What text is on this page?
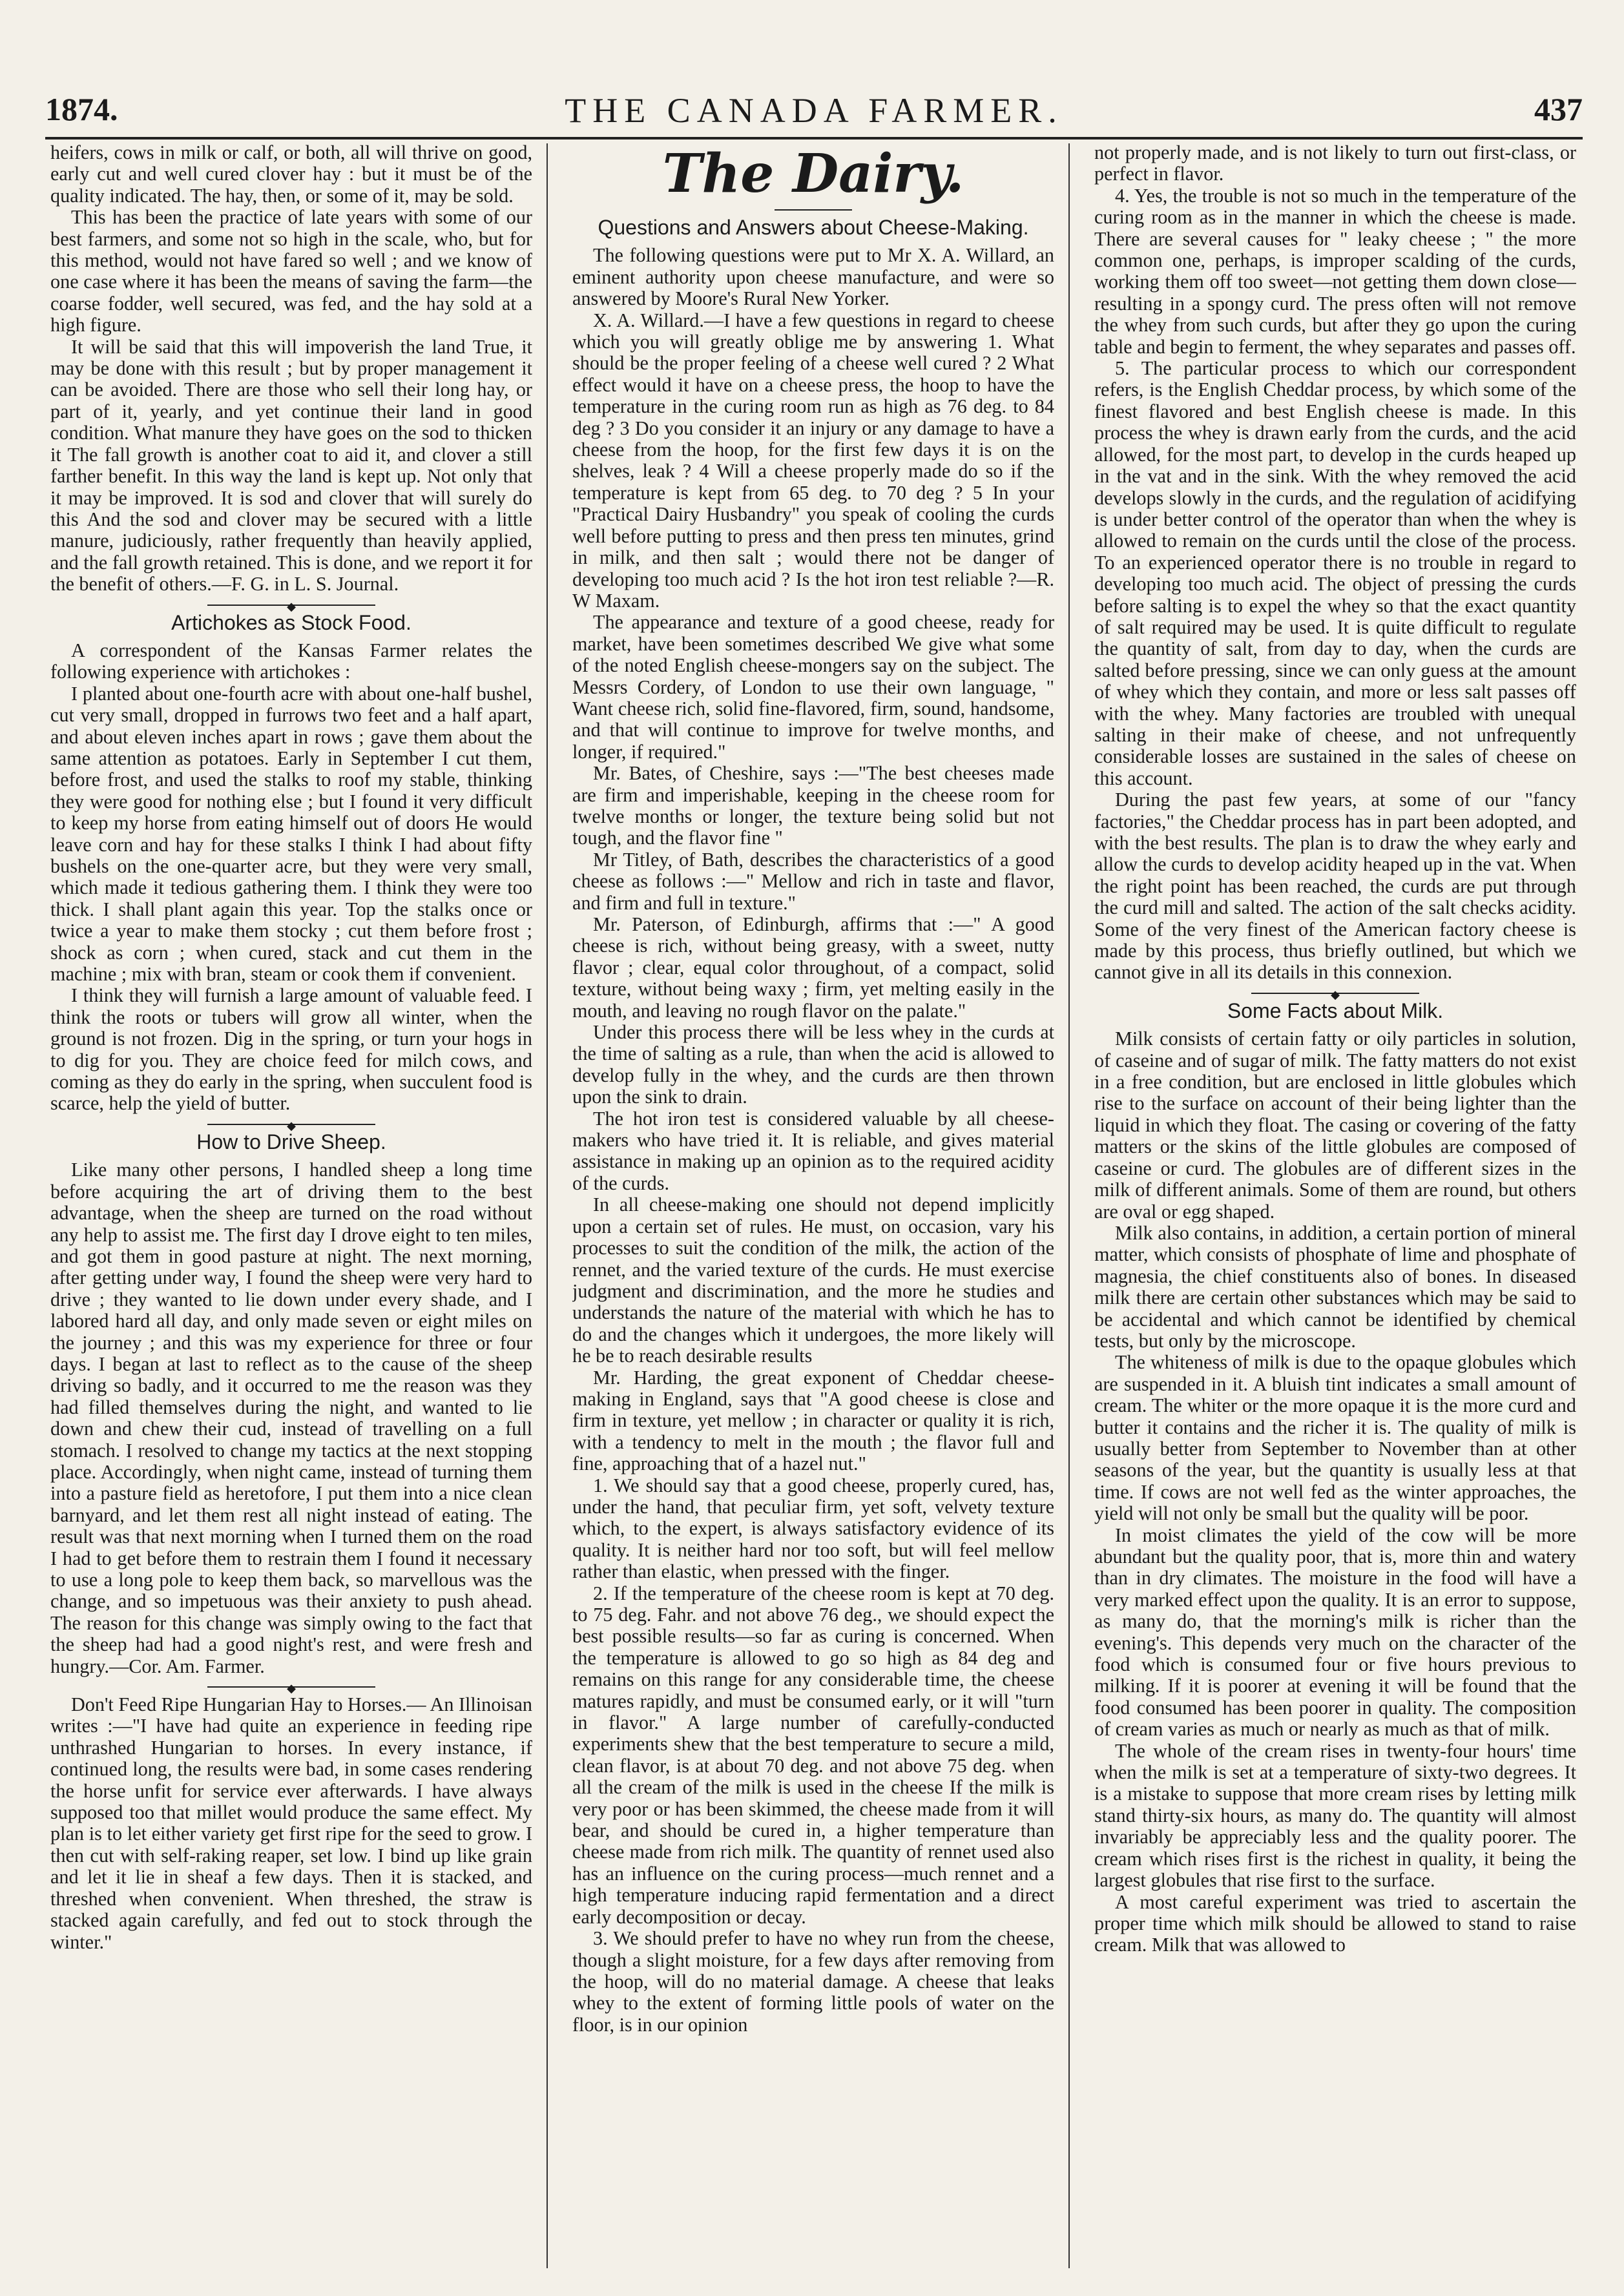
1874.	THE CANADA FARMER.	437

heifers, cows in milk or calf, or both, all will thrive on good, early cut and well cured clover hay : but it must be of the quality indicated. The hay, then, or some of it, may be sold.

This has been the practice of late years with some of our best farmers, and some not so high in the scale, who, but for this method, would not have fared so well ; and we know of one case where it has been the means of saving the farm—the coarse fodder, well secured, was fed, and the hay sold at a high figure.

It will be said that this will impoverish the land True, it may be done with this result ; but by proper management it can be avoided. There are those who sell their long hay, or part of it, yearly, and yet continue their land in good condition. What manure they have goes on the sod to thicken it The fall growth is another coat to aid it, and clover a still farther benefit. In this way the land is kept up. Not only that it may be improved. It is sod and clover that will surely do this And the sod and clover may be secured with a little manure, judiciously, rather frequently than heavily applied, and the fall growth retained. This is done, and we report it for the benefit of others.—F. G. in L. S. Journal.

◆
Artichokes as Stock Food.

A correspondent of the Kansas Farmer relates the following experience with artichokes :

I planted about one-fourth acre with about one-half bushel, cut very small, dropped in furrows two feet and a half apart, and about eleven inches apart in rows ; gave them about the same attention as potatoes. Early in September I cut them, before frost, and used the stalks to roof my stable, thinking they were good for nothing else ; but I found it very difficult to keep my horse from eating himself out of doors He would leave corn and hay for these stalks I think I had about fifty bushels on the one-quarter acre, but they were very small, which made it tedious gathering them. I think they were too thick. I shall plant again this year. Top the stalks once or twice a year to make them stocky ; cut them before frost ; shock as corn ; when cured, stack and cut them in the machine ; mix with bran, steam or cook them if convenient.

I think they will furnish a large amount of valuable feed. I think the roots or tubers will grow all winter, when the ground is not frozen. Dig in the spring, or turn your hogs in to dig for you. They are choice feed for milch cows, and coming as they do early in the spring, when succulent food is scarce, help the yield of butter.

◆
How to Drive Sheep.

Like many other persons, I handled sheep a long time before acquiring the art of driving them to the best advantage, when the sheep are turned on the road without any help to assist me. The first day I drove eight to ten miles, and got them in good pasture at night. The next morning, after getting under way, I found the sheep were very hard to drive ; they wanted to lie down under every shade, and I labored hard all day, and only made seven or eight miles on the journey ; and this was my experience for three or four days. I began at last to reflect as to the cause of the sheep driving so badly, and it occurred to me the reason was they had filled themselves during the night, and wanted to lie down and chew their cud, instead of travelling on a full stomach. I resolved to change my tactics at the next stopping place. Accordingly, when night came, instead of turning them into a pasture field as heretofore, I put them into a nice clean barnyard, and let them rest all night instead of eating. The result was that next morning when I turned them on the road I had to get before them to restrain them I found it necessary to use a long pole to keep them back, so marvellous was the change, and so impetuous was their anxiety to push ahead. The reason for this change was simply owing to the fact that the sheep had had a good night's rest, and were fresh and hungry.—Cor. Am. Farmer.

◆

Don't Feed Ripe Hungarian Hay to Horses.— An Illinoisan writes :—"I have had quite an experience in feeding ripe unthrashed Hungarian to horses. In every instance, if continued long, the results were bad, in some cases rendering the horse unfit for service ever afterwards. I have always supposed too that millet would produce the same effect. My plan is to let either variety get first ripe for the seed to grow. I then cut with self-raking reaper, set low. I bind up like grain and let it lie in sheaf a few days. Then it is stacked, and threshed when convenient. When threshed, the straw is stacked again carefully, and fed out to stock through the winter."

The Dairy.
Questions and Answers about Cheese-Making.

The following questions were put to Mr X. A. Willard, an eminent authority upon cheese manufacture, and were so answered by Moore's Rural New Yorker.

X. A. Willard.—I have a few questions in regard to cheese which you will greatly oblige me by answering 1. What should be the proper feeling of a cheese well cured ? 2 What effect would it have on a cheese press, the hoop to have the temperature in the curing room run as high as 76 deg. to 84 deg ? 3 Do you consider it an injury or any damage to have a cheese from the hoop, for the first few days it is on the shelves, leak ? 4 Will a cheese properly made do so if the temperature is kept from 65 deg. to 70 deg ? 5 In your "Practical Dairy Husbandry" you speak of cooling the curds well before putting to press and then press ten minutes, grind in milk, and then salt ; would there not be danger of developing too much acid ? Is the hot iron test reliable ?—R. W Maxam.

The appearance and texture of a good cheese, ready for market, have been sometimes described We give what some of the noted English cheese-mongers say on the subject. The Messrs Cordery, of London to use their own language, " Want cheese rich, solid fine-flavored, firm, sound, handsome, and that will continue to improve for twelve months, and longer, if required."

Mr. Bates, of Cheshire, says :—"The best cheeses made are firm and imperishable, keeping in the cheese room for twelve months or longer, the texture being solid but not tough, and the flavor fine "

Mr Titley, of Bath, describes the characteristics of a good cheese as follows :—" Mellow and rich in taste and flavor, and firm and full in texture."

Mr. Paterson, of Edinburgh, affirms that :—" A good cheese is rich, without being greasy, with a sweet, nutty flavor ; clear, equal color throughout, of a compact, solid texture, without being waxy ; firm, yet melting easily in the mouth, and leaving no rough flavor on the palate."

Under this process there will be less whey in the curds at the time of salting as a rule, than when the acid is allowed to develop fully in the whey, and the curds are then thrown upon the sink to drain.

The hot iron test is considered valuable by all cheese-makers who have tried it. It is reliable, and gives material assistance in making up an opinion as to the required acidity of the curds.

In all cheese-making one should not depend implicitly upon a certain set of rules. He must, on occasion, vary his processes to suit the condition of the milk, the action of the rennet, and the varied texture of the curds. He must exercise judgment and discrimination, and the more he studies and understands the nature of the material with which he has to do and the changes which it undergoes, the more likely will he be to reach desirable results

Mr. Harding, the great exponent of Cheddar cheese-making in England, says that "A good cheese is close and firm in texture, yet mellow ; in character or quality it is rich, with a tendency to melt in the mouth ; the flavor full and fine, approaching that of a hazel nut."

1. We should say that a good cheese, properly cured, has, under the hand, that peculiar firm, yet soft, velvety texture which, to the expert, is always satisfactory evidence of its quality. It is neither hard nor too soft, but will feel mellow rather than elastic, when pressed with the finger.

2. If the temperature of the cheese room is kept at 70 deg. to 75 deg. Fahr. and not above 76 deg., we should expect the best possible results—so far as curing is concerned. When the temperature is allowed to go so high as 84 deg and remains on this range for any considerable time, the cheese matures rapidly, and must be consumed early, or it will "turn in flavor." A large number of carefully-conducted experiments shew that the best temperature to secure a mild, clean flavor, is at about 70 deg. and not above 75 deg. when all the cream of the milk is used in the cheese If the milk is very poor or has been skimmed, the cheese made from it will bear, and should be cured in, a higher temperature than cheese made from rich milk. The quantity of rennet used also has an influence on the curing process—much rennet and a high temperature inducing rapid fermentation and a direct early decomposition or decay.

3. We should prefer to have no whey run from the cheese, though a slight moisture, for a few days after removing from the hoop, will do no material damage. A cheese that leaks whey to the extent of forming little pools of water on the floor, is in our opinion

not properly made, and is not likely to turn out first-class, or perfect in flavor.

4. Yes, the trouble is not so much in the temperature of the curing room as in the manner in which the cheese is made. There are several causes for " leaky cheese ; " the more common one, perhaps, is improper scalding of the curds, working them off too sweet—not getting them down close—resulting in a spongy curd. The press often will not remove the whey from such curds, but after they go upon the curing table and begin to ferment, the whey separates and passes off.

5. The particular process to which our correspondent refers, is the English Cheddar process, by which some of the finest flavored and best English cheese is made. In this process the whey is drawn early from the curds, and the acid allowed, for the most part, to develop in the curds heaped up in the vat and in the sink. With the whey removed the acid develops slowly in the curds, and the regulation of acidifying is under better control of the operator than when the whey is allowed to remain on the curds until the close of the process. To an experienced operator there is no trouble in regard to developing too much acid. The object of pressing the curds before salting is to expel the whey so that the exact quantity of salt required may be used. It is quite difficult to regulate the quantity of salt, from day to day, when the curds are salted before pressing, since we can only guess at the amount of whey which they contain, and more or less salt passes off with the whey. Many factories are troubled with unequal salting in their make of cheese, and not unfrequently considerable losses are sustained in the sales of cheese on this account.

During the past few years, at some of our "fancy factories," the Cheddar process has in part been adopted, and with the best results. The plan is to draw the whey early and allow the curds to develop acidity heaped up in the vat. When the right point has been reached, the curds are put through the curd mill and salted. The action of the salt checks acidity. Some of the very finest of the American factory cheese is made by this process, thus briefly outlined, but which we cannot give in all its details in this connexion.

◆
Some Facts about Milk.

Milk consists of certain fatty or oily particles in solution, of caseine and of sugar of milk. The fatty matters do not exist in a free condition, but are enclosed in little globules which rise to the surface on account of their being lighter than the liquid in which they float. The casing or covering of the fatty matters or the skins of the little globules are composed of caseine or curd. The globules are of different sizes in the milk of different animals. Some of them are round, but others are oval or egg shaped.

Milk also contains, in addition, a certain portion of mineral matter, which consists of phosphate of lime and phosphate of magnesia, the chief constituents also of bones. In diseased milk there are certain other substances which may be said to be accidental and which cannot be identified by chemical tests, but only by the microscope.

The whiteness of milk is due to the opaque globules which are suspended in it. A bluish tint indicates a small amount of cream. The whiter or the more opaque it is the more curd and butter it contains and the richer it is. The quality of milk is usually better from September to November than at other seasons of the year, but the quantity is usually less at that time. If cows are not well fed as the winter approaches, the yield will not only be small but the quality will be poor.

In moist climates the yield of the cow will be more abundant but the quality poor, that is, more thin and watery than in dry climates. The moisture in the food will have a very marked effect upon the quality. It is an error to suppose, as many do, that the morning's milk is richer than the evening's. This depends very much on the character of the food which is consumed four or five hours previous to milking. If it is poorer at evening it will be found that the food consumed has been poorer in quality. The composition of cream varies as much or nearly as much as that of milk.

The whole of the cream rises in twenty-four hours' time when the milk is set at a temperature of sixty-two degrees. It is a mistake to suppose that more cream rises by letting milk stand thirty-six hours, as many do. The quantity will almost invariably be appreciably less and the quality poorer. The cream which rises first is the richest in quality, it being the largest globules that rise first to the surface.

A most careful experiment was tried to ascertain the proper time which milk should be allowed to stand to raise cream. Milk that was allowed to
